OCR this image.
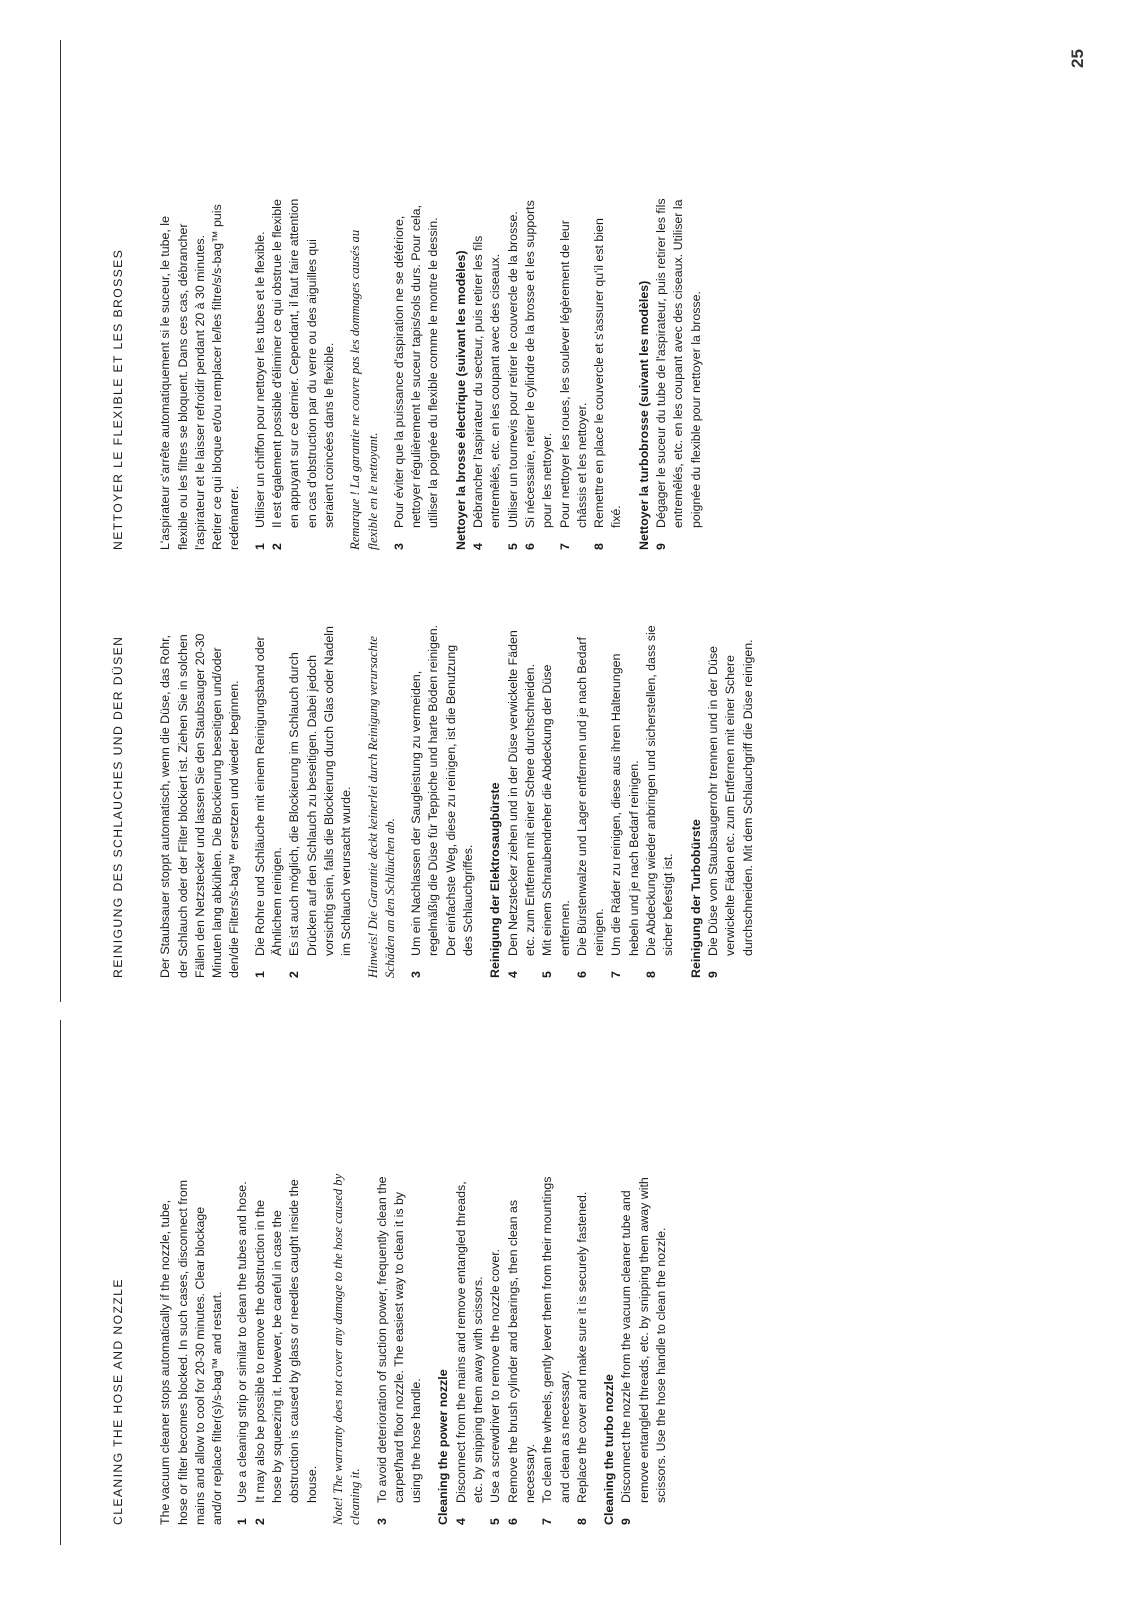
CLEANING THE HOSE AND NOZZLE	The vacuum cleaner stops automatically if the nozzle, tube, hose or filter becomes blocked. In such cases, disconnect from mains and allow to cool for 20-30 minutes. Clear blockage and/or replace filter(s)/s-bag™ and restart. 1
Use a cleaning strip or similar to clean the tubes and hose.
2
It may also be possible to remove the obstruction in the hose by squeezing it. However, be careful in case the obstruction is caused by glass or needles caught inside the house. Note! The warranty does not cover any damage to the hose caused by cleaning it. 3
To avoid deterioration of suction power, frequently clean the carpet/hard floor nozzle. The easiest way to clean it is by using the hose handle. Cleaning the power nozzle 4
Disconnect from the mains and remove entangled threads, etc. by snipping them away with scissors.
5
Use a screwdriver to remove the nozzle cover.
6
Remove the brush cylinder and bearings, then clean as necessary.
7
To clean the wheels, gently lever them from their mountings and clean as necessary.
8
Replace the cover and make sure it is securely fastened. Cleaning the turbo nozzle 9
Disconnect the nozzle from the vacuum cleaner tube and remove entangled threads, etc. by snipping them away with scissors. Use the hose handle to clean the nozzle.
REINIGUNG DES SCHLAUCHES UND DER DÜSEN	Der Staubsauer stoppt automatisch, wenn die Düse, das Rohr, der Schlauch oder der Filter blockiert ist. Ziehen Sie in solchen Fällen den Netzstecker und lassen Sie den Staubsauger 20-30 Minuten lang abkühlen. Die Blockierung beseitigen und/oder den/die Filters/s-bag™ ersetzen und wieder beginnen. 1
Die Rohre und Schläuche mit einem Reinigungsband oder Ähnlichem reinigen.
2
Es ist auch möglich, die Blockierung im Schlauch durch Drücken auf den Schlauch zu beseitigen. Dabei jedoch vorsichtig sein, falls die Blockierung durch Glas oder Nadeln im Schlauch verursacht wurde. Hinweis! Die Garantie deckt keinerlei durch Reinigung verursachte Schäden an den Schläuchen ab. 3
Um ein Nachlassen der Saugleistung zu vermeiden, regelmäßig die Düse für Teppiche und harte Böden reinigen. Der einfachste Weg, diese zu reinigen, ist die Benutzung des Schlauchgriffes. Reinigung der Elektrosaugbürste 4
Den Netzstecker ziehen und in der Düse verwickelte Fäden etc. zum Entfernen mit einer Schere durchschneiden.
5
Mit einem Schraubendreher die Abdeckung der Düse entfernen.
6
Die Bürstenwalze und Lager entfernen und je nach Bedarf reinigen.
7
Um die Räder zu reinigen, diese aus ihren Halterungen hebeln und je nach Bedarf reinigen.
8
Die Abdeckung wieder anbringen und sicherstellen, dass sie sicher befestigt ist. Reinigung der Turbobürste 9
Die Düse vom Staubsaugerrohr trennen und in der Düse verwickelte Fäden etc. zum Entfernen mit einer Schere durchschneiden. Mit dem Schlauchgriff die Düse reinigen.
NETTOYER LE FLEXIBLE ET LES BROSSES	L'aspirateur s'arrête automatiquement si le suceur, le tube, le flexible ou les filtres se bloquent. Dans ces cas, débrancher l'aspirateur et le laisser refroidir pendant 20 à 30 minutes. Retirer ce qui bloque et/ou remplacer le/les filtre/s/s-bag™ puis redémarrer. 1
Utiliser un chiffon pour nettoyer les tubes et le flexible.
2
Il est également possible d'éliminer ce qui obstrue le flexible en appuyant sur ce dernier. Cependant, il faut faire attention en cas d'obstruction par du verre ou des aiguilles qui seraient coincées dans le flexible. Remarque ! La garantie ne couvre pas les dommages causés au flexible en le nettoyant. 3
Pour éviter que la puissance d'aspiration ne se détériore, nettoyer régulièrement le suceur tapis/sols durs. Pour cela, utiliser la poignée du flexible comme le montre le dessin. Nettoyer la brosse électrique (suivant les modèles) 4
Débrancher l'aspirateur du secteur, puis retirer les fils entremêlés, etc. en les coupant avec des ciseaux.
5
Utiliser un tournevis pour retirer le couvercle de la brosse.
6
Si nécessaire, retirer le cylindre de la brosse et les supports pour les nettoyer.
7
Pour nettoyer les roues, les soulever légèrement de leur châssis et les nettoyer.
8
Remettre en place le couvercle et s'assurer qu'il est bien fixé. Nettoyer la turbobrosse (suivant les modèles) 9
Dégager le suceur du tube de l'aspirateur, puis retirer les fils entremêlés, etc. en les coupant avec des ciseaux. Utiliser la poignée du flexible pour nettoyer la brosse.
25
